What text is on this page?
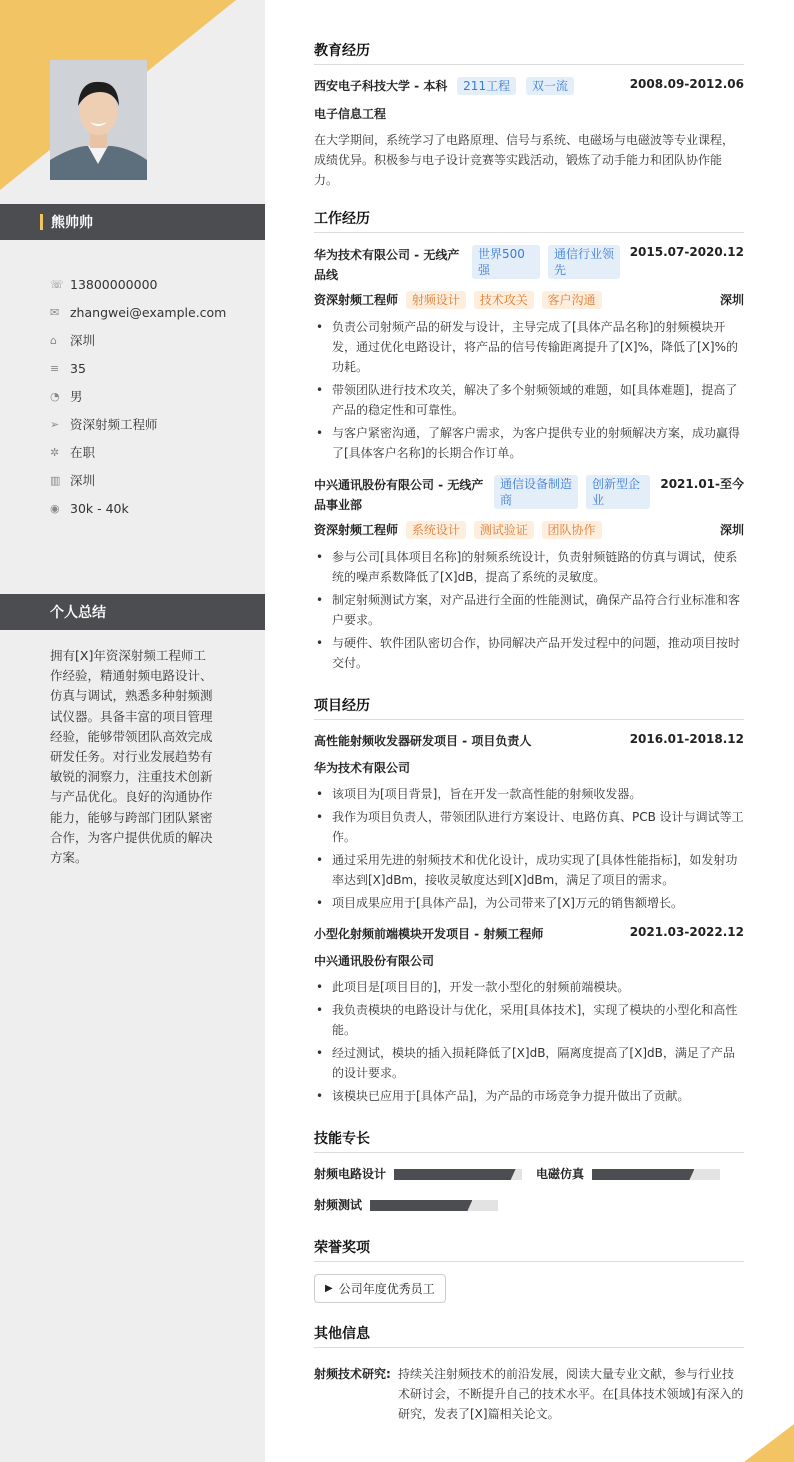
熊帅帅
☏ 13800000000
✉ zhangwei@example.com
⌂	深圳
≡ 35
◔ 男
➢ 资深射频工程师
✲ 在职
▥ 深圳
◉ 30k - 40k
个人总结
拥有[X]年资深射频工程师工作经验，精通射频电路设计、仿真与调试，熟悉多种射频测试仪器。具备丰富的项目管理经验，能够带领团队高效完成研发任务。对行业发展趋势有敏锐的洞察力，注重技术创新与产品优化。良好的沟通协作能力，能够与跨部门团队紧密合作，为客户提供优质的解决方案。
教育经历
西安电子科技大学 - 本科 211工程 双一流	2008.09-2012.06
电子信息工程
在大学期间，系统学习了电路原理、信号与系统、电磁场与电磁波等专业课程，成绩优异。积极参与电子设计竞赛等实践活动，锻炼了动手能力和团队协作能力。
工作经历
华为技术有限公司 - 无线产品线
世界500强
通信行业领先
2015.07-2020.12
资深射频工程师 射频设计 技术攻关 客户沟通	深圳
• 负责公司射频产品的研发与设计，主导完成了[具体产品名称]的射频模块开发，通过优化电路设计，将产品的信号传输距离提升了[X]%，降低了[X]%的功耗。
• 带领团队进行技术攻关，解决了多个射频领域的难题，如[具体难题]，提高了产品的稳定性和可靠性。
• 与客户紧密沟通，了解客户需求，为客户提供专业的射频解决方案，成功赢得了[具体客户名称]的长期合作订单。
中兴通讯股份有限公司 - 无线产品事业部
通信设备制造商
创新型企业
2021.01-至今
资深射频工程师 系统设计 测试验证 团队协作	深圳
• 参与公司[具体项目名称]的射频系统设计，负责射频链路的仿真与调试，使系统的噪声系数降低了[X]dB，提高了系统的灵敏度。
• 制定射频测试方案，对产品进行全面的性能测试，确保产品符合行业标准和客户要求。
• 与硬件、软件团队密切合作，协同解决产品开发过程中的问题，推动项目按时交付。
项目经历
高性能射频收发器研发项目 - 项目负责人	2016.01-2018.12
华为技术有限公司
• 该项目为[项目背景]，旨在开发一款高性能的射频收发器。
• 我作为项目负责人，带领团队进行方案设计、电路仿真、PCB 设计与调试等工作。
• 通过采用先进的射频技术和优化设计，成功实现了[具体性能指标]，如发射功率达到[X]dBm，接收灵敏度达到[X]dBm，满足了项目的需求。
• 项目成果应用于[具体产品]，为公司带来了[X]万元的销售额增长。
小型化射频前端模块开发项目 - 射频工程师	2021.03-2022.12
中兴通讯股份有限公司
• 此项目是[项目目的]，开发一款小型化的射频前端模块。
• 我负责模块的电路设计与优化，采用[具体技术]，实现了模块的小型化和高性能。
• 经过测试，模块的插入损耗降低了[X]dB，隔离度提高了[X]dB，满足了产品的设计要求。
• 该模块已应用于[具体产品]，为产品的市场竞争力提升做出了贡献。
技能专长
射频电路设计	电磁仿真
射频测试
荣誉奖项
▶ 公司年度优秀员工
其他信息
射频技术研究: 持续关注射频技术的前沿发展，阅读大量专业文献，参与行业技术研讨会，不断提升自己的技术水平。在[具体技术领域]有深入的研究，发表了[X]篇相关论文。
